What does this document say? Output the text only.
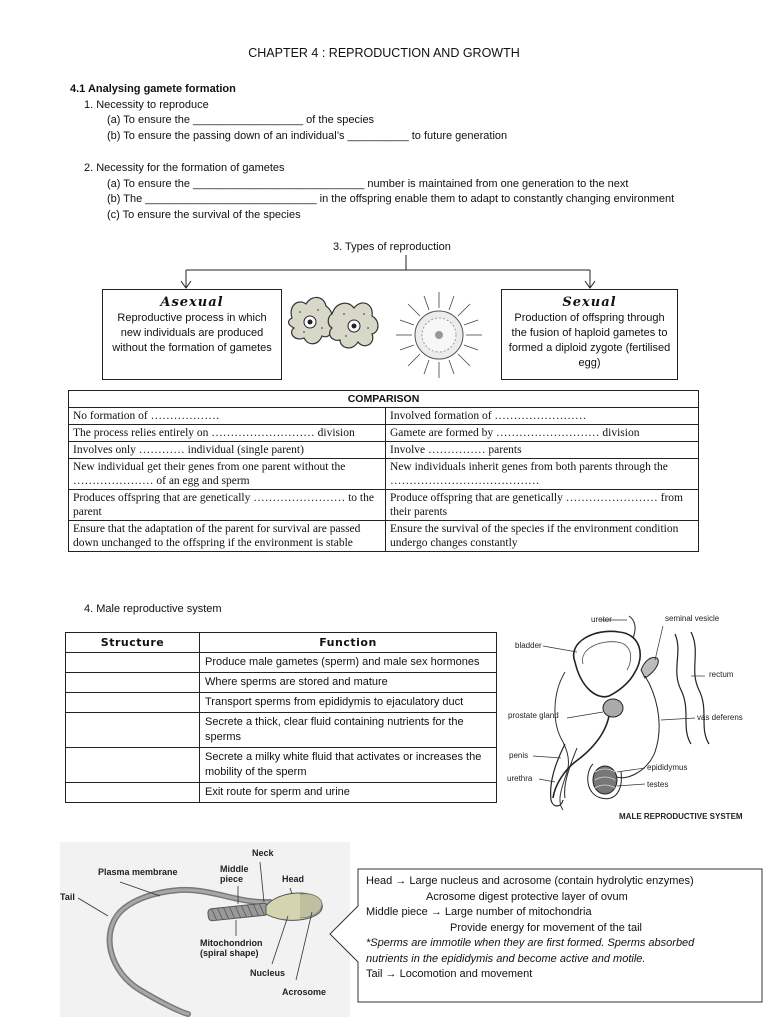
CHAPTER 4 : REPRODUCTION AND GROWTH
4.1 Analysing gamete formation
1. Necessity to reproduce
(a) To ensure the __________________ of the species
(b) To ensure the passing down of an individual’s __________ to future generation
2. Necessity for the formation of gametes
(a) To ensure the ____________________________ number is maintained from one generation to the next
(b) The ____________________________ in the offspring enable them to adapt to constantly changing environment
(c) To ensure the survival of the species
3. Types of reproduction
Asexual
Reproductive process in which new individuals are produced without the formation of gametes
Sexual
Production of offspring through the fusion of haploid gametes to formed a diploid zygote (fertilised egg)
COMPARISON	
No formation of ………………	Involved formation of ……………………
The process relies entirely on ……………………… division	Gamete are formed by ……………………… division
Involves only ………… individual (single parent)	Involve …………… parents
New individual get their genes from one parent without the ………………… of an egg and sperm	New individuals inherit genes from both parents through the …………………………………
Produces offspring that are genetically …………………… to the parent	Produce offspring that are genetically …………………… from their parents
Ensure that the adaptation of the parent for survival are passed down unchanged to the offspring if the environment is stable	Ensure the survival of the species if the environment condition undergo changes constantly
4. Male reproductive system
Structure	Function
	Produce male gametes (sperm) and male sex hormones
	Where sperms are stored and mature
	Transport sperms from epididymis to ejaculatory duct
	Secrete a thick, clear fluid containing nutrients for the sperms
	Secrete a milky white fluid that activates or increases the mobility of the sperm
	Exit route for sperm and urine
ureter	seminal vesicle
bladder
rectum
prostate gland	vas deferens
penis
epididymus
urethra
testes
MALE REPRODUCTIVE SYSTEM
Neck
Plasma membrane	Middle piece	Head
Tail
Mitochondrion (spiral shape)
Nucleus
Acrosome
Head → Large nucleus and acrosome (contain hydrolytic enzymes)
Acrosome digest protective layer of ovum
Middle piece → Large number of mitochondria
Provide energy for movement of the tail
*Sperms are immotile when they are first formed. Sperms absorbed
nutrients in the epididymis and become active and motile.
Tail → Locomotion and movement
